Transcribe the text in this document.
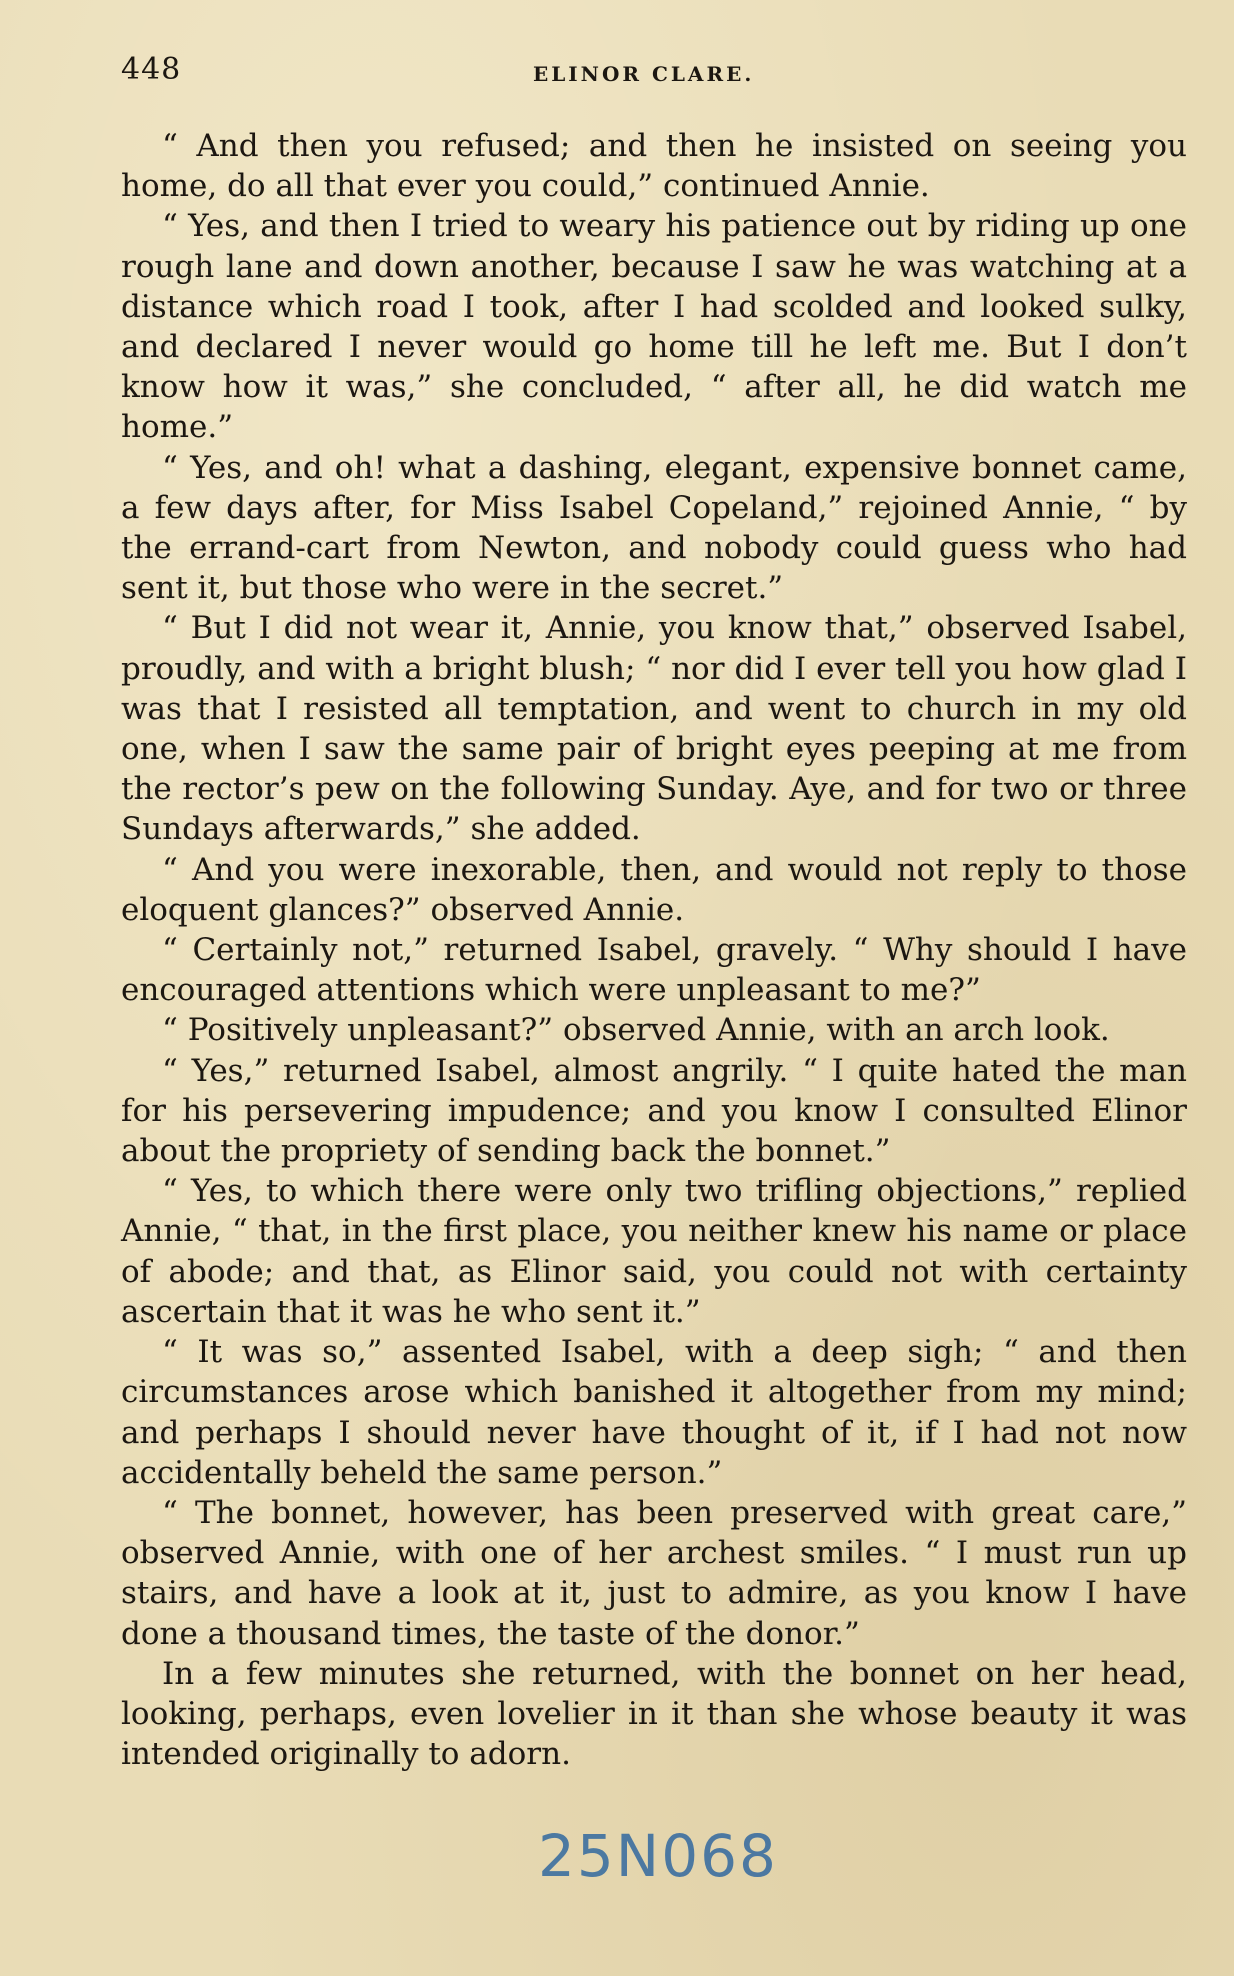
448	ELINOR CLARE.

“ And then you refused; and then he insisted on seeing you home, do all that ever you could,” continued Annie.

“ Yes, and then I tried to weary his patience out by riding up one rough lane and down another, because I saw he was watching at a distance which road I took, after I had scolded and looked sulky, and declared I never would go home till he left me. But I don’t know how it was,” she concluded, “ after all, he did watch me home.”

“ Yes, and oh! what a dashing, elegant, expensive bonnet came, a few days after, for Miss Isabel Copeland,” rejoined Annie, “ by the errand-cart from Newton, and nobody could guess who had sent it, but those who were in the secret.”

“ But I did not wear it, Annie, you know that,” observed Isabel, proudly, and with a bright blush; “ nor did I ever tell you how glad I was that I resisted all temptation, and went to church in my old one, when I saw the same pair of bright eyes peeping at me from the rector’s pew on the following Sunday. Aye, and for two or three Sundays afterwards,” she added.

“ And you were inexorable, then, and would not reply to those eloquent glances?” observed Annie.

“ Certainly not,” returned Isabel, gravely. “ Why should I have encouraged attentions which were unpleasant to me?”

“ Positively unpleasant?” observed Annie, with an arch look.

“ Yes,” returned Isabel, almost angrily. “ I quite hated the man for his persevering impudence; and you know I consulted Elinor about the propriety of sending back the bonnet.”

“ Yes, to which there were only two trifling objections,” replied Annie, “ that, in the first place, you neither knew his name or place of abode; and that, as Elinor said, you could not with certainty ascertain that it was he who sent it.”

“ It was so,” assented Isabel, with a deep sigh; “ and then circumstances arose which banished it altogether from my mind; and perhaps I should never have thought of it, if I had not now accidentally beheld the same person.”

“ The bonnet, however, has been preserved with great care,” observed Annie, with one of her archest smiles. “ I must run up stairs, and have a look at it, just to admire, as you know I have done a thousand times, the taste of the donor.”

In a few minutes she returned, with the bonnet on her head, looking, perhaps, even lovelier in it than she whose beauty it was intended originally to adorn.

25N068
